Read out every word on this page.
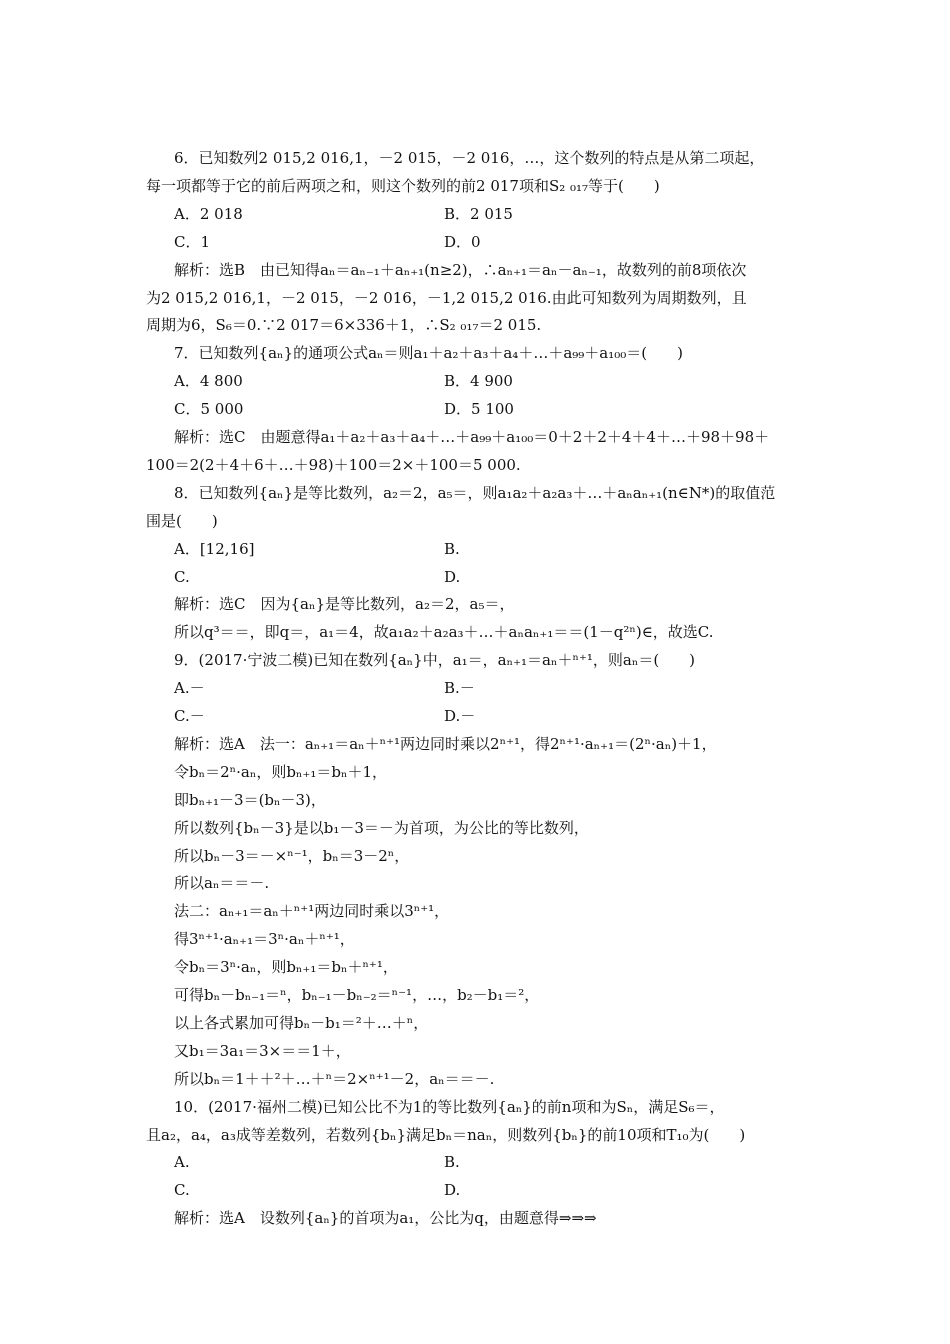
6．已知数列2 015,2 016,1，－2 015，－2 016，…，这个数列的特点是从第二项起，
每一项都等于它的前后两项之和，则这个数列的前2 017项和S₂ ₀₁₇等于(　　)
A．2 018	B．2 015
C．1	D．0
解析：选B　由已知得aₙ＝aₙ₋₁＋aₙ₊₁(n≥2)，∴aₙ₊₁＝aₙ－aₙ₋₁，故数列的前8项依次
为2 015,2 016,1，－2 015，－2 016，－1,2 015,2 016.由此可知数列为周期数列，且
周期为6，S₆＝0.∵2 017＝6×336＋1，∴S₂ ₀₁₇＝2 015.
7．已知数列{aₙ}的通项公式aₙ＝则a₁＋a₂＋a₃＋a₄＋…＋a₉₉＋a₁₀₀＝(　　)
A．4 800	B．4 900
C．5 000	D．5 100
解析：选C　由题意得a₁＋a₂＋a₃＋a₄＋…＋a₉₉＋a₁₀₀＝0＋2＋2＋4＋4＋…＋98＋98＋
100＝2(2＋4＋6＋…＋98)＋100＝2×＋100＝5 000.
8．已知数列{aₙ}是等比数列，a₂＝2，a₅＝，则a₁a₂＋a₂a₃＋…＋aₙaₙ₊₁(n∈N*)的取值范
围是(　　)
A．[12,16]	B.
C.	D.
解析：选C　因为{aₙ}是等比数列，a₂＝2，a₅＝，
所以q³＝＝，即q＝，a₁＝4，故a₁a₂＋a₂a₃＋…＋aₙaₙ₊₁＝＝(1－q²ⁿ)∈，故选C.
9．(2017·宁波二模)已知在数列{aₙ}中，a₁＝，aₙ₊₁＝aₙ＋ⁿ⁺¹，则aₙ＝(　　)
A.－	B.－
C.－	D.－
解析：选A　法一：aₙ₊₁＝aₙ＋ⁿ⁺¹两边同时乘以2ⁿ⁺¹，得2ⁿ⁺¹·aₙ₊₁＝(2ⁿ·aₙ)＋1，
令bₙ＝2ⁿ·aₙ，则bₙ₊₁＝bₙ＋1，
即bₙ₊₁－3＝(bₙ－3)，
所以数列{bₙ－3}是以b₁－3＝－为首项，为公比的等比数列，
所以bₙ－3＝－×ⁿ⁻¹，bₙ＝3－2ⁿ，
所以aₙ＝＝－.
法二：aₙ₊₁＝aₙ＋ⁿ⁺¹两边同时乘以3ⁿ⁺¹，
得3ⁿ⁺¹·aₙ₊₁＝3ⁿ·aₙ＋ⁿ⁺¹，
令bₙ＝3ⁿ·aₙ，则bₙ₊₁＝bₙ＋ⁿ⁺¹，
可得bₙ－bₙ₋₁＝ⁿ，bₙ₋₁－bₙ₋₂＝ⁿ⁻¹，…，b₂－b₁＝²，
以上各式累加可得bₙ－b₁＝²＋…＋ⁿ，
又b₁＝3a₁＝3×＝＝1＋，
所以bₙ＝1＋＋²＋…＋ⁿ＝2×ⁿ⁺¹－2，aₙ＝＝－.
10．(2017·福州二模)已知公比不为1的等比数列{aₙ}的前n项和为Sₙ，满足S₆＝，
且a₂，a₄，a₃成等差数列，若数列{bₙ}满足bₙ＝naₙ，则数列{bₙ}的前10项和T₁₀为(　　)
A.	B.
C.	D.
解析：选A　设数列{aₙ}的首项为a₁，公比为q，由题意得⇒⇒⇒
